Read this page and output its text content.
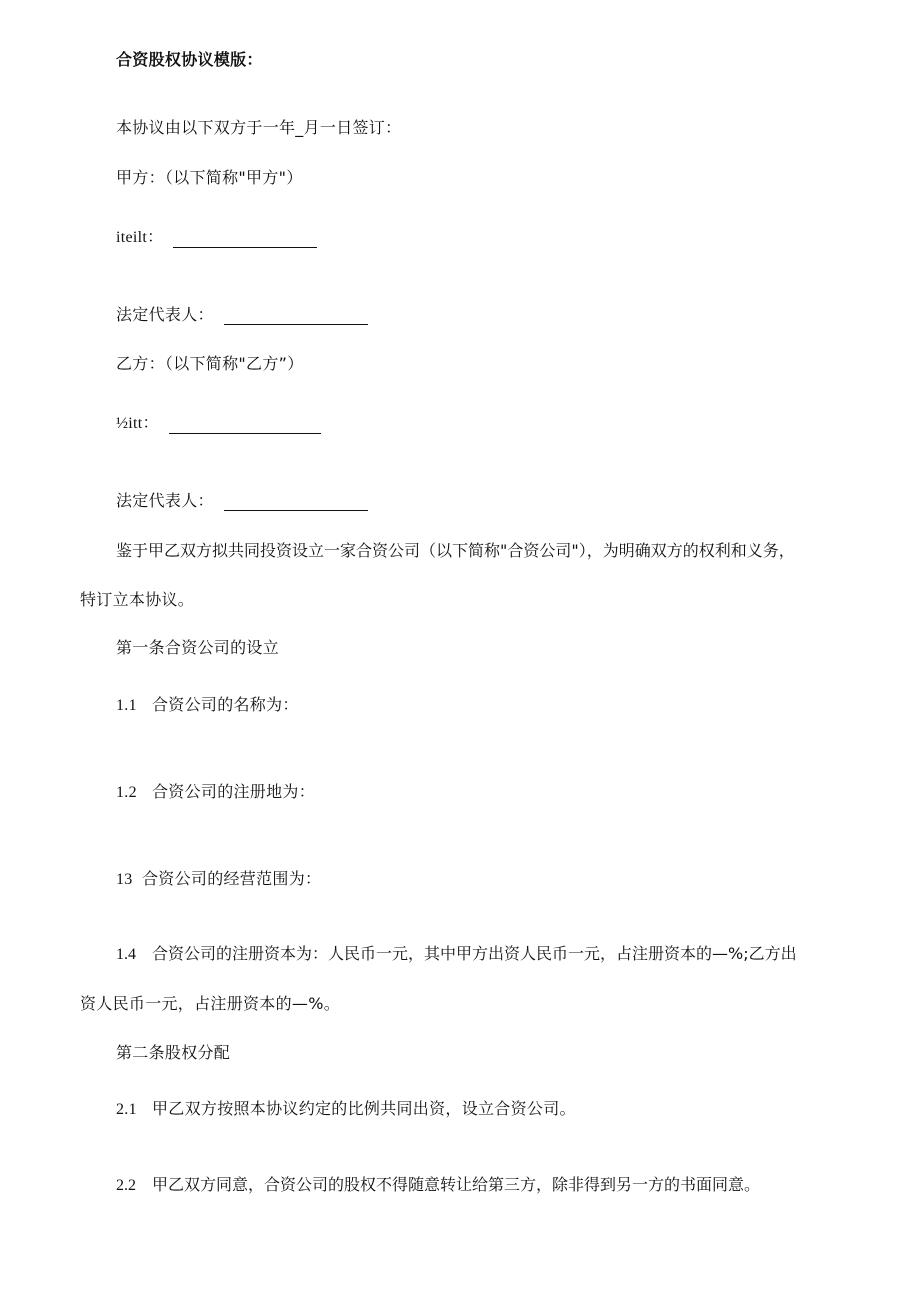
合资股权协议模版：
本协议由以下双方于一年_月一日签订：
甲方：（以下简称"甲方"）
iteilt：
法定代表人：
乙方：（以下简称"乙方”）
½itt：
法定代表人：
鉴于甲乙双方拟共同投资设立一家合资公司（以下简称"合资公司"），为明确双方的权利和义务，
特订立本协议。
第一条合资公司的设立
1.1 合资公司的名称为：
1.2 合资公司的注册地为：
13 合资公司的经营范围为：
1.4 合资公司的注册资本为：人民币一元，其中甲方出资人民币一元，占注册资本的—%;乙方出
资人民币一元，占注册资本的—%。
第二条股权分配
2.1 甲乙双方按照本协议约定的比例共同出资，设立合资公司。
2.2 甲乙双方同意，合资公司的股权不得随意转让给第三方，除非得到另一方的书面同意。
